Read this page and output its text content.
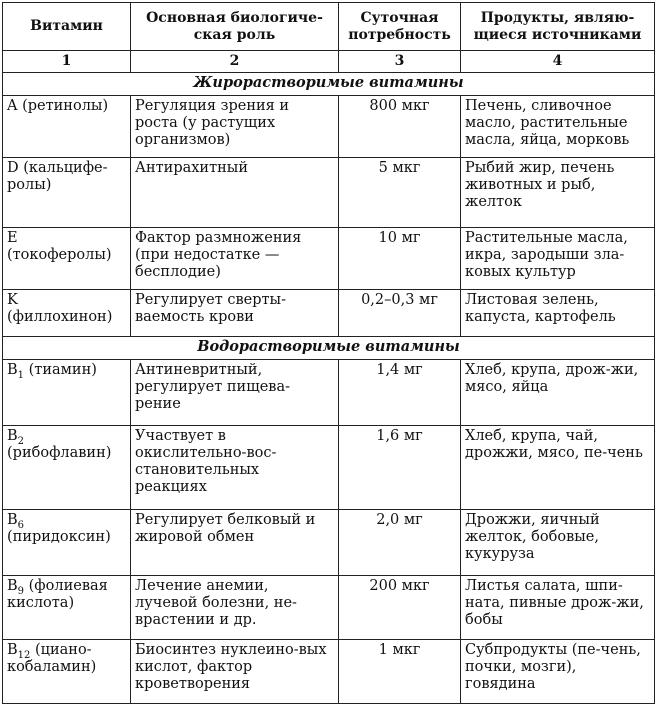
Витамин	Основная биологиче-ская роль	Суточная потребность	Продукты, являю-щиеся источниками
1	2	3	4
Жирорастворимые витамины			
A (ретинолы)	Регуляция зрения и роста (у растущих организмов)	800 мкг	Печень, сливочное масло, растительные масла, яйца, морковь
D (кальцифе-ролы)	Антирахитный	5 мкг	Рыбий жир, печень животных и рыб, желток
E (токоферолы)	Фактор размножения (при недостатке — бесплодие)	10 мг	Растительные масла, икра, зародыши зла-ковых культур
K (филлохинон)	Регулирует сверты-ваемость крови	0,2–0,3 мг	Листовая зелень, капуста, картофель
Водорастворимые витамины			
$B_1$ (тиамин)	Антиневритный, регулирует пищева-рение	1,4 мг	Хлеб, крупа, дрож-жи, мясо, яйца
$B_2$ (рибофлавин)	Участвует в окислительно-вос-становительных реакциях	1,6 мг	Хлеб, крупа, чай, дрожжи, мясо, пе-чень
$B_6$ (пиридоксин)	Регулирует белковый и жировой обмен	2,0 мг	Дрожжи, яичный желток, бобовые, кукуруза
$B_9$ (фолиевая кислота)	Лечение анемии, лучевой болезни, не-врастении и др.	200 мкг	Листья салата, шпи-ната, пивные дрож-жи, бобы
$B_{12}$ (циано-кобаламин)	Биосинтез нуклеино-вых кислот, фактор кроветворения	1 мкг	Субпродукты (пе-чень, почки, мозги), говядина
